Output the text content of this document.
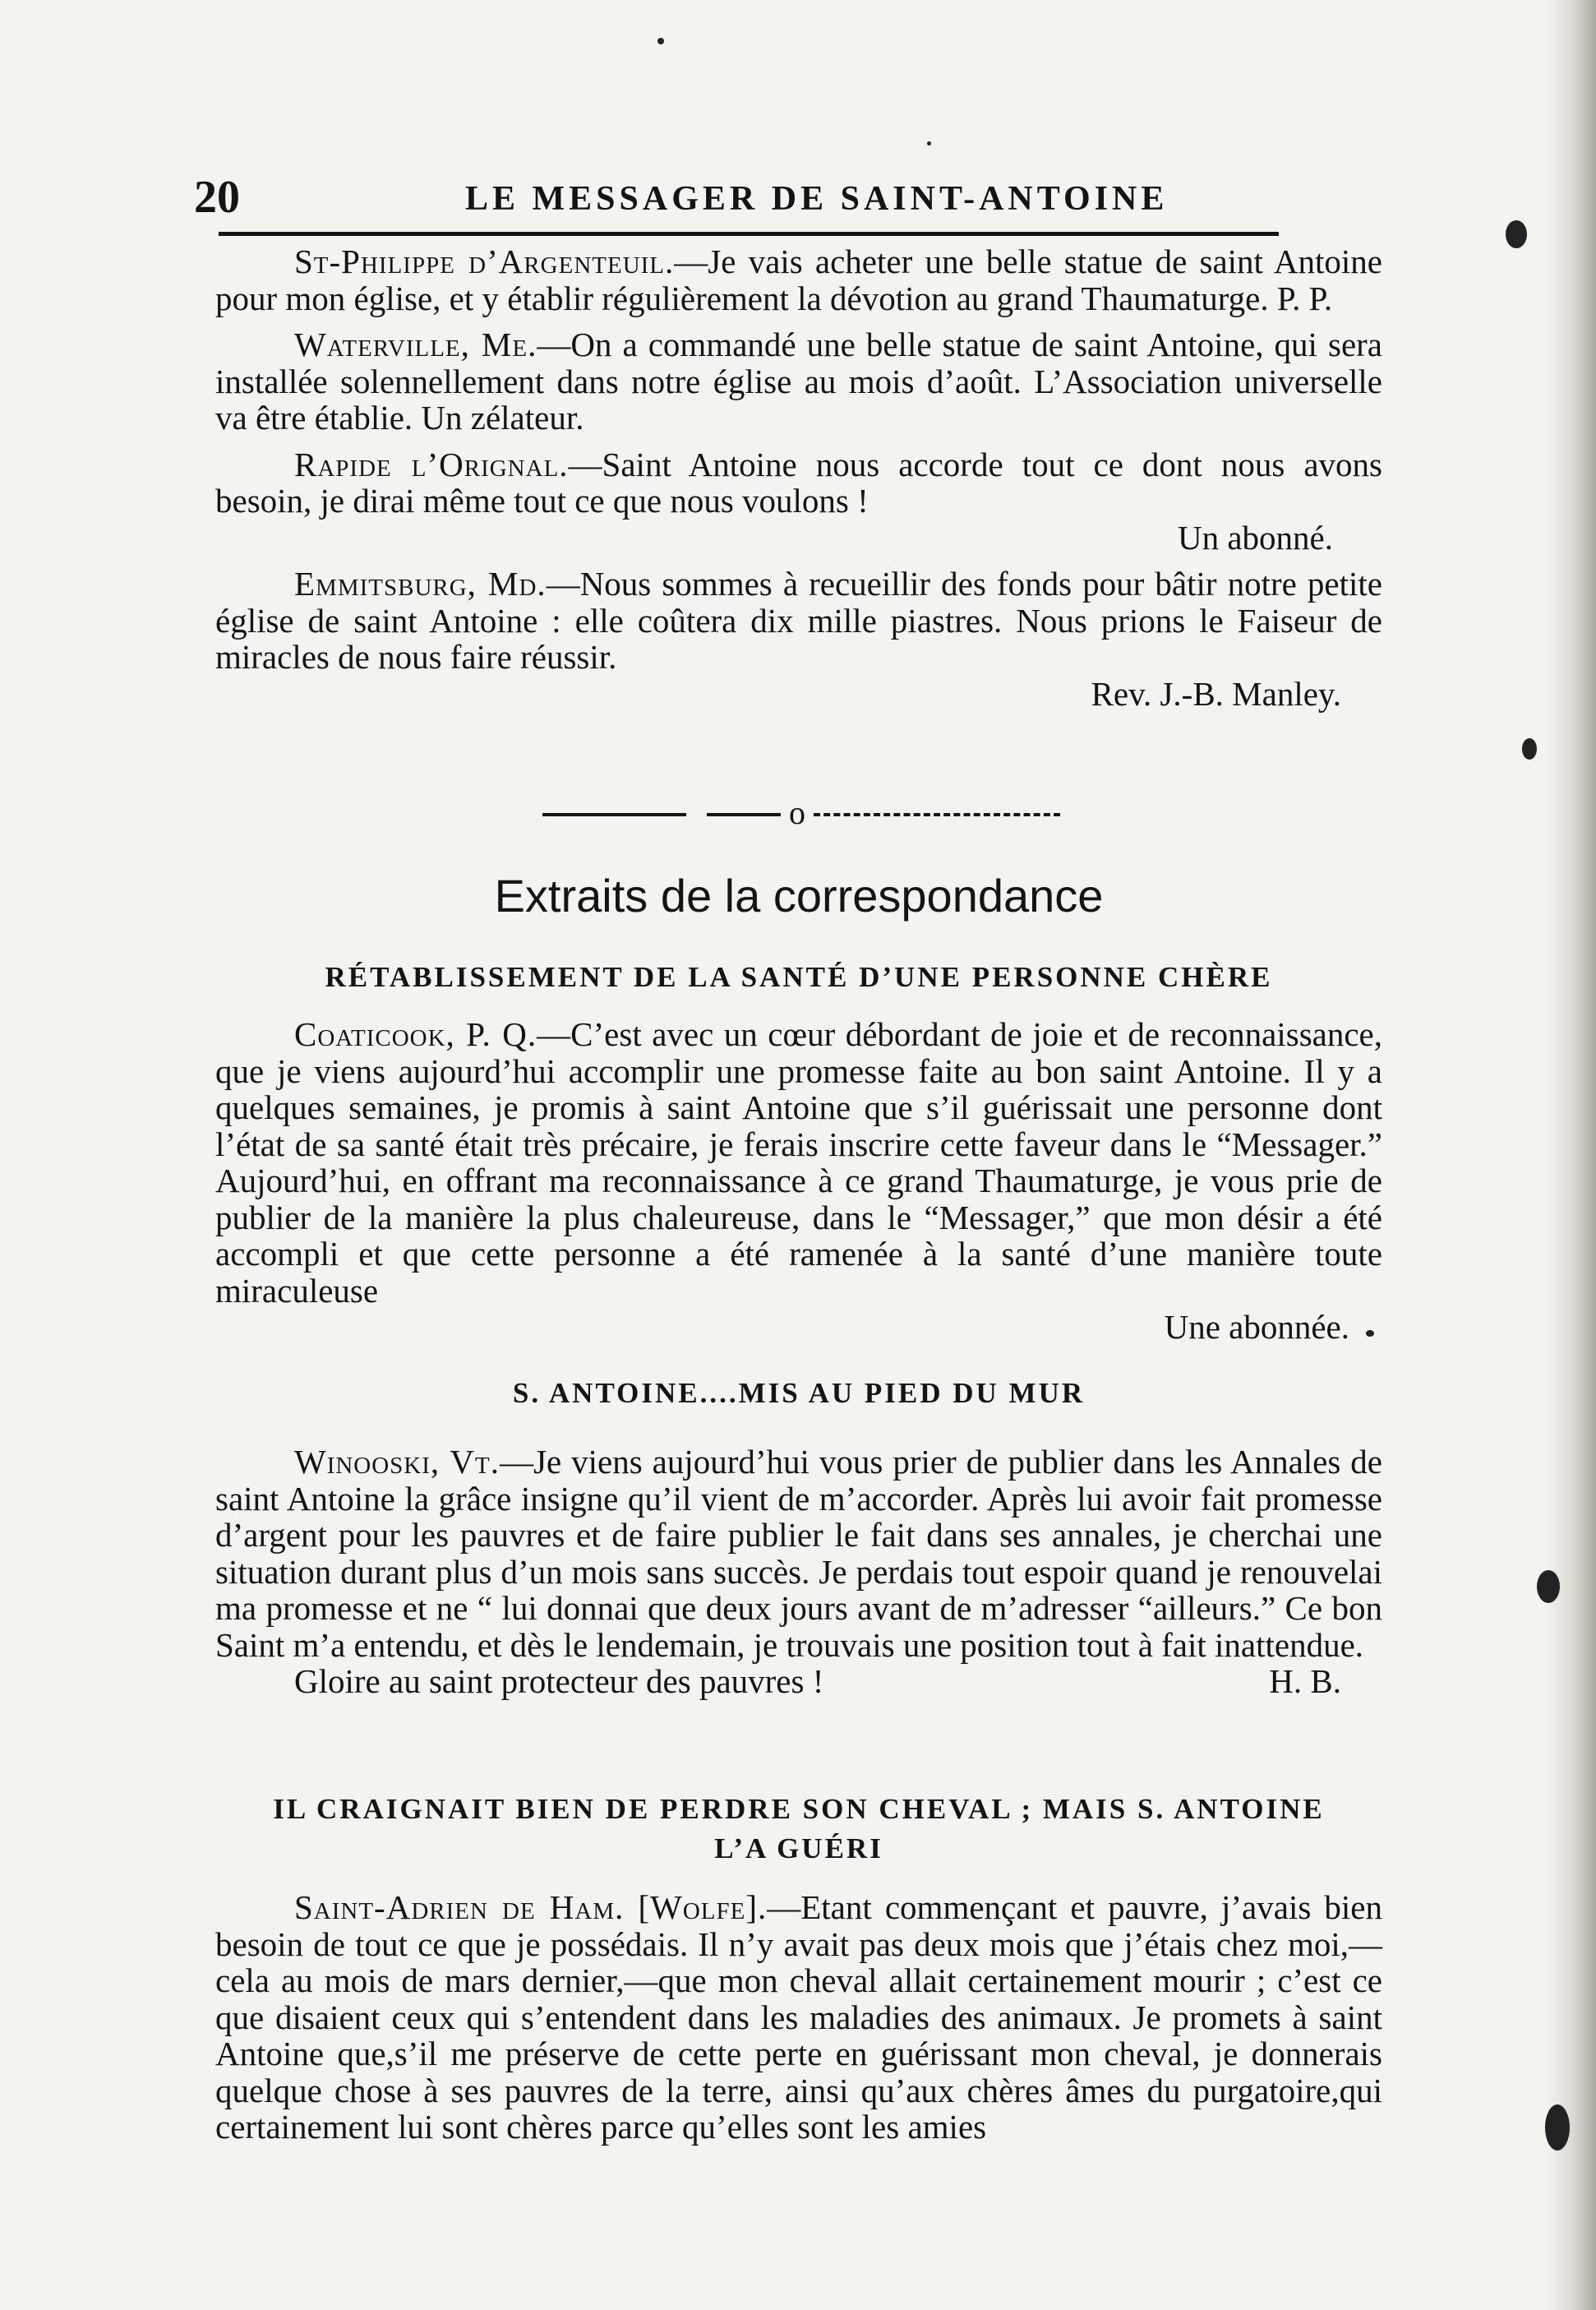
20	LE MESSAGER DE SAINT-ANTOINE

St-Philippe d’Argenteuil.—Je vais acheter une belle statue de saint Antoine pour mon église, et y établir régulièrement la dévotion au grand Thaumaturge. P. P.

Waterville, Me.—On a commandé une belle statue de saint Antoine, qui sera installée solennellement dans notre église au mois d’août. L’Association universelle va être établie. Un zélateur.

Rapide l’Orignal.—Saint Antoine nous accorde tout ce dont nous avons besoin, je dirai même tout ce que nous voulons !

Un abonné.

Emmitsburg, Md.—Nous sommes à recueillir des fonds pour bâtir notre petite église de saint Antoine : elle coûtera dix mille piastres. Nous prions le Faiseur de miracles de nous faire réussir.

Rev. J.-B. Manley.
o
Extraits de la correspondance
RÉTABLISSEMENT DE LA SANTÉ D’UNE PERSONNE CHÈRE

Coaticook, P. Q.—C’est avec un cœur débordant de joie et de reconnaissance, que je viens aujourd’hui accomplir une promesse faite au bon saint Antoine. Il y a quelques semaines, je promis à saint Antoine que s’il guérissait une personne dont l’état de sa santé était très précaire, je ferais inscrire cette faveur dans le “Messager.” Aujourd’hui, en offrant ma reconnaissance à ce grand Thaumaturge, je vous prie de publier de la manière la plus chaleureuse, dans le “Messager,” que mon désir a été accompli et que cette personne a été ramenée à la santé d’une manière toute miraculeuse

Une abonnée.
S. ANTOINE....MIS AU PIED DU MUR

Winooski, Vt.—Je viens aujourd’hui vous prier de publier dans les Annales de saint Antoine la grâce insigne qu’il vient de m’accorder. Après lui avoir fait promesse d’argent pour les pauvres et de faire publier le fait dans ses annales, je cherchai une situation durant plus d’un mois sans succès. Je perdais tout espoir quand je renouvelai ma promesse et ne “ lui donnai que deux jours avant de m’adresser “ailleurs.” Ce bon Saint m’a entendu, et dès le lendemain, je trouvais une position tout à fait inattendue.

Gloire au saint protecteur des pauvres !	H. B.
IL CRAIGNAIT BIEN DE PERDRE SON CHEVAL ; MAIS S. ANTOINE
L’A GUÉRI

Saint-Adrien de Ham. [Wolfe].—Etant commençant et pauvre, j’avais bien besoin de tout ce que je possédais. Il n’y avait pas deux mois que j’étais chez moi,—cela au mois de mars dernier,—que mon cheval allait certainement mourir ; c’est ce que disaient ceux qui s’entendent dans les maladies des animaux. Je promets à saint Antoine que,s’il me préserve de cette perte en guérissant mon cheval, je donnerais quelque chose à ses pauvres de la terre, ainsi qu’aux chères âmes du purgatoire,qui certainement lui sont chères parce qu’elles sont les amies
